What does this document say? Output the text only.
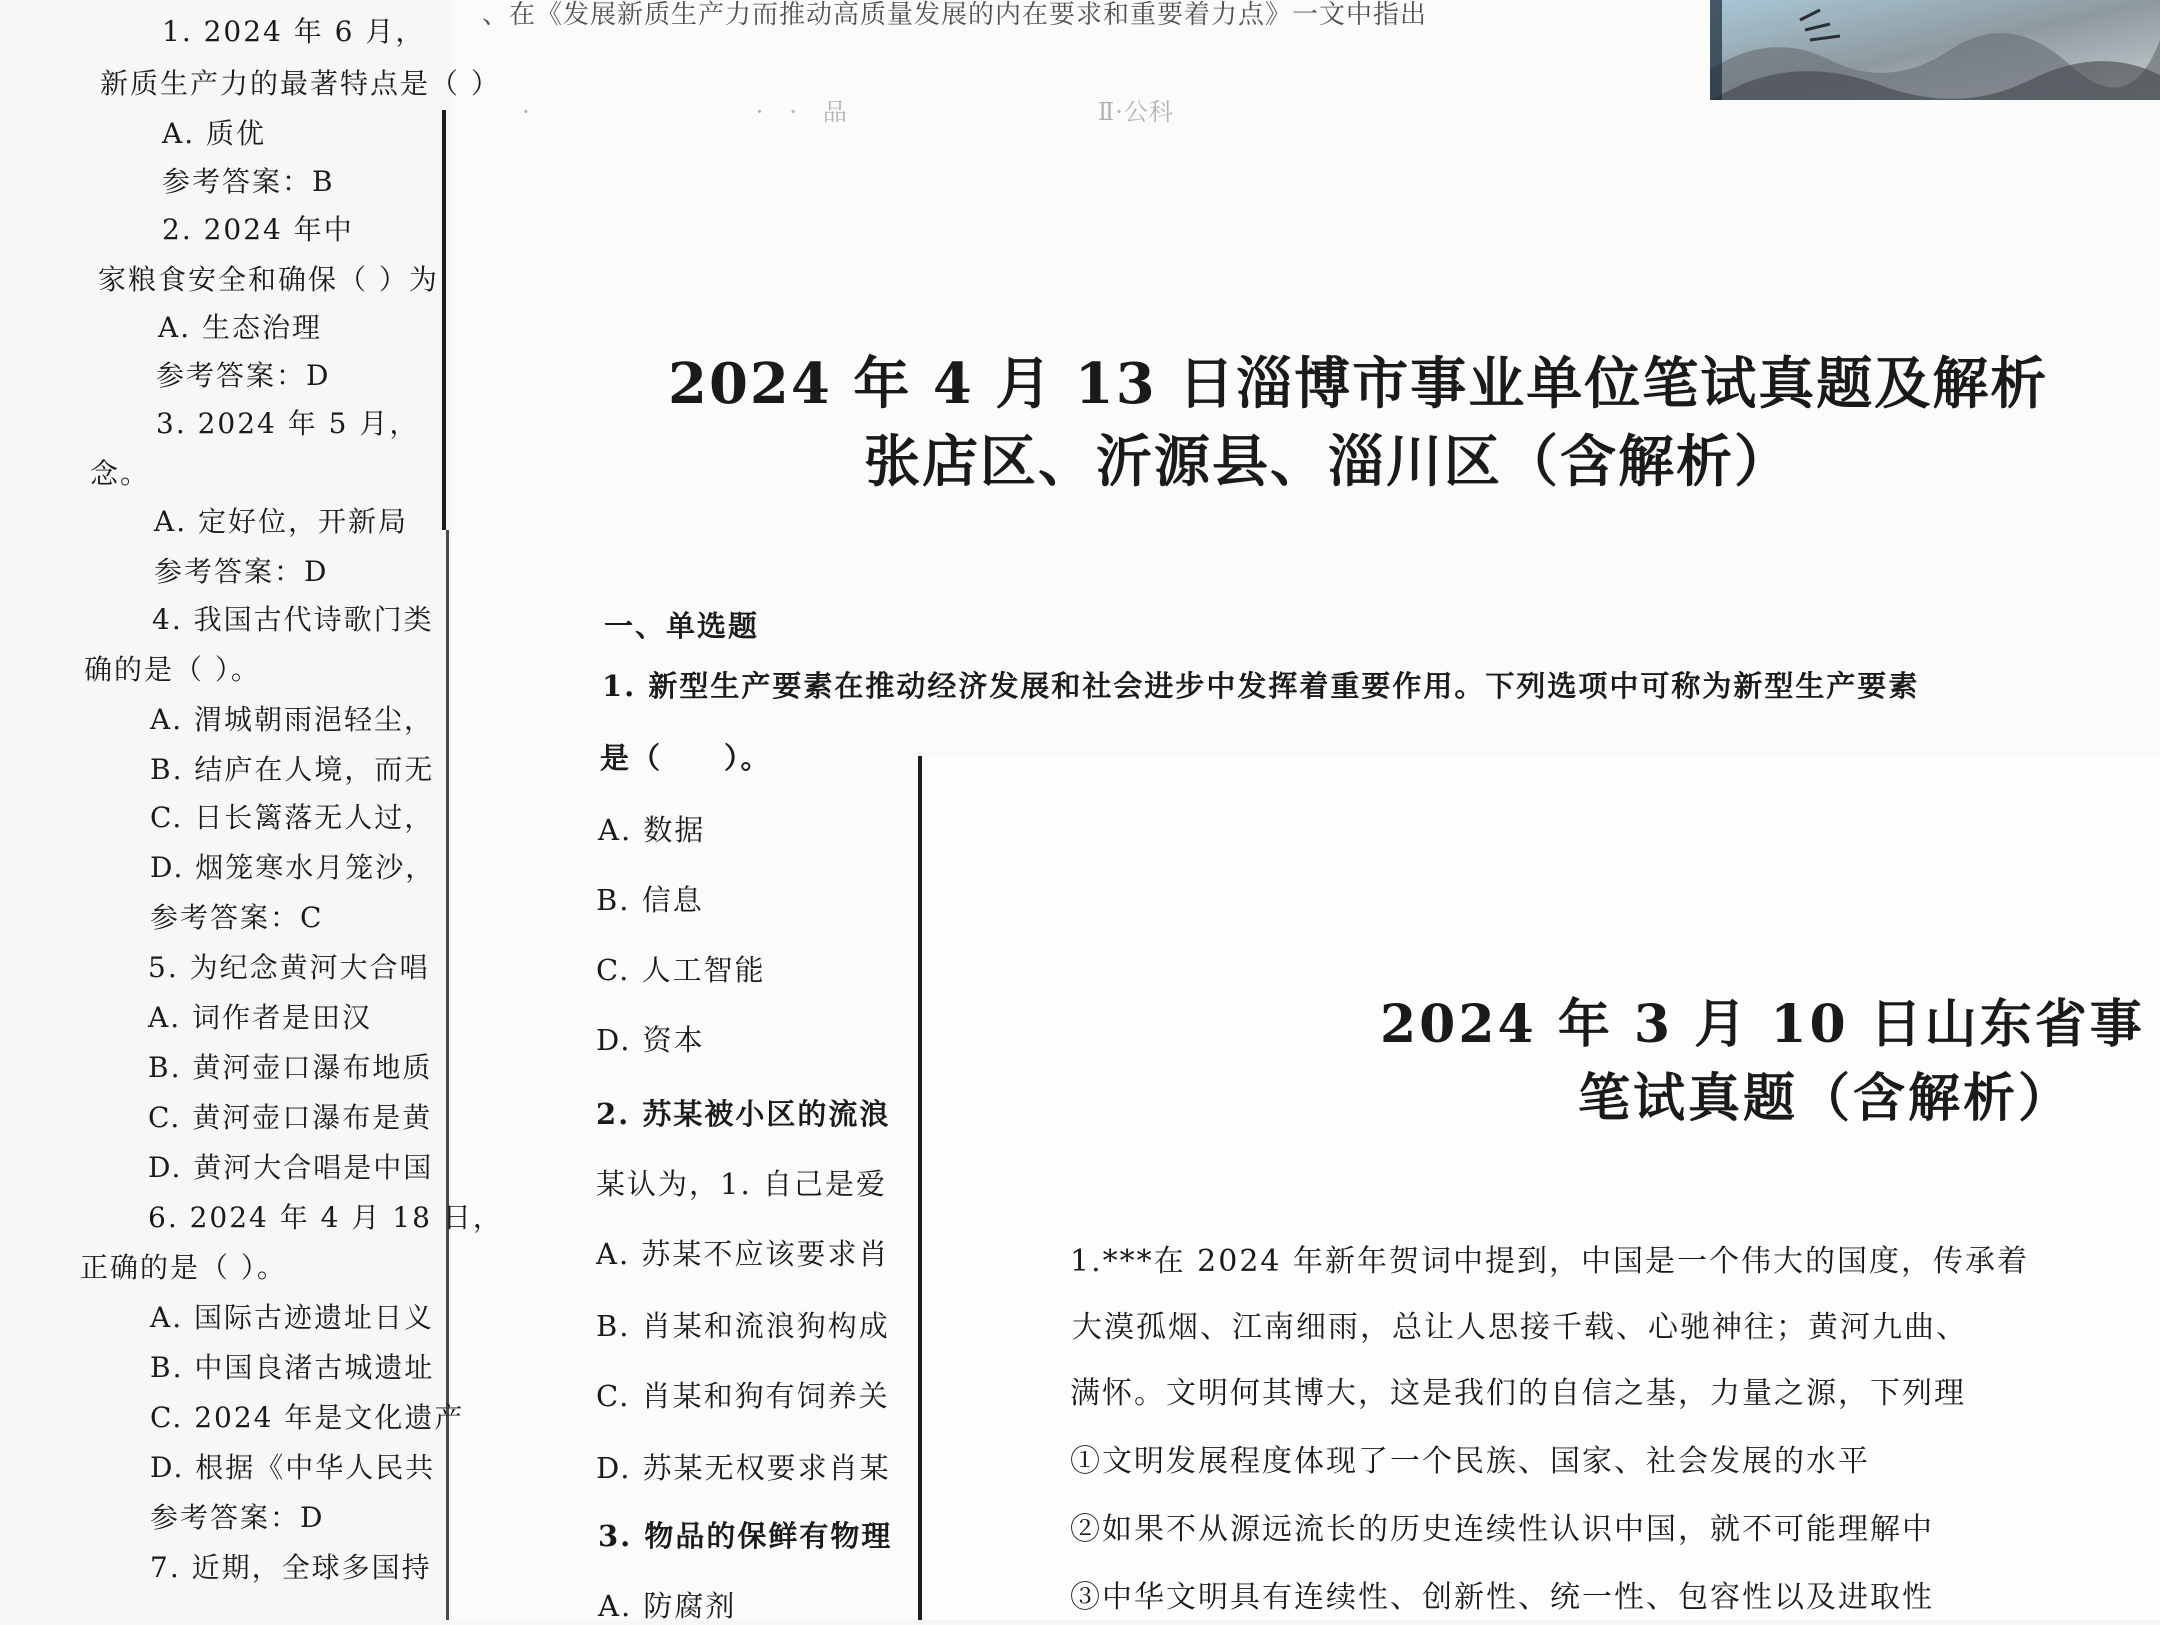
、在《发展新质生产力而推动高质量发展的内在要求和重要着力点》一文中指出
·　　　　　　　　　·　·　品　　　　　　　　　　Ⅱ·公科
2024 年 4 月 13 日淄博市事业单位笔试真题及解析
张店区、沂源县、淄川区（含解析）
一、单选题
1. 新型生产要素在推动经济发展和社会进步中发挥着重要作用。下列选项中可称为新型生产要素
是（　　）。
A. 数据
B. 信息
C. 人工智能
D. 资本
2. 苏某被小区的流浪
某认为，1. 自己是爱
A. 苏某不应该要求肖
B. 肖某和流浪狗构成
C. 肖某和狗有饲养关
D. 苏某无权要求肖某
3. 物品的保鲜有物理
A. 防腐剂
1. 2024 年 6 月，
新质生产力的最著特点是（ ）
A. 质优
参考答案：B
2. 2024 年中
家粮食安全和确保（ ）为
A. 生态治理
参考答案：D
3. 2024 年 5 月，
念。
A. 定好位，开新局
参考答案：D
4. 我国古代诗歌门类
确的是（ ）。
A. 渭城朝雨浥轻尘，
B. 结庐在人境，而无
C. 日长篱落无人过，
D. 烟笼寒水月笼沙，
参考答案：C
5. 为纪念黄河大合唱
A. 词作者是田汉
B. 黄河壶口瀑布地质
C. 黄河壶口瀑布是黄
D. 黄河大合唱是中国
6. 2024 年 4 月 18 日，
正确的是（ ）。
A. 国际古迹遗址日义
B. 中国良渚古城遗址
C. 2024 年是文化遗产
D. 根据《中华人民共
参考答案：D
7. 近期，全球多国持
2024 年 3 月 10 日山东省事
笔试真题（含解析）
1.***在 2024 年新年贺词中提到，中国是一个伟大的国度，传承着
大漠孤烟、江南细雨，总让人思接千载、心驰神往；黄河九曲、
满怀。文明何其博大，这是我们的自信之基，力量之源，下列理
①文明发展程度体现了一个民族、国家、社会发展的水平
②如果不从源远流长的历史连续性认识中国，就不可能理解中
③中华文明具有连续性、创新性、统一性、包容性以及进取性
